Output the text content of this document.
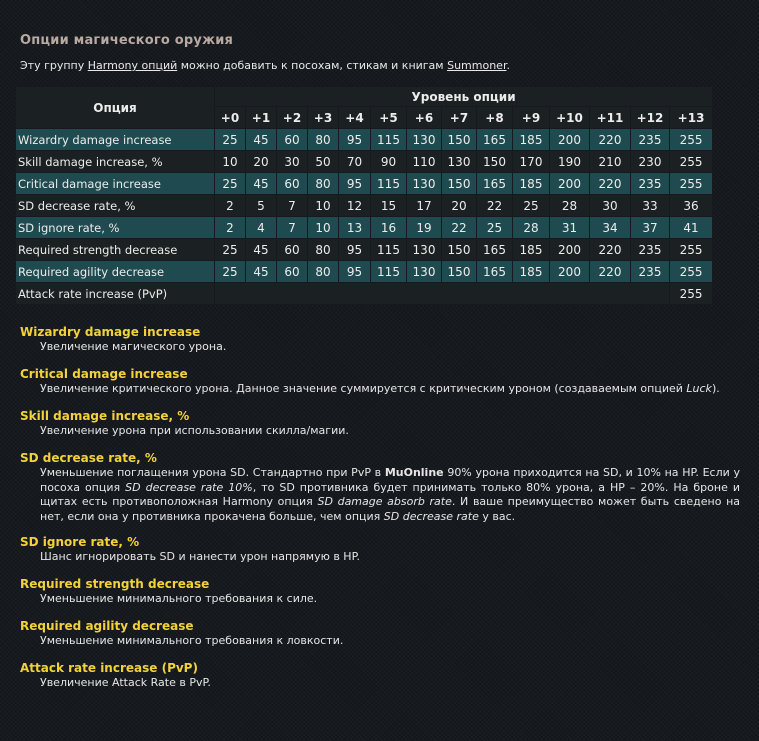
Опции магического оружия
Эту группу Harmony опций можно добавить к посохам, стикам и книгам Summoner.
Опция	Уровень опции													
	+0	+1	+2	+3	+4	+5	+6	+7	+8	+9	+10	+11	+12	+13
Wizardry damage increase	25	45	60	80	95	115	130	150	165	185	200	220	235	255
Skill damage increase, %	10	20	30	50	70	90	110	130	150	170	190	210	230	255
Critical damage increase	25	45	60	80	95	115	130	150	165	185	200	220	235	255
SD decrease rate, %	2	5	7	10	12	15	17	20	22	25	28	30	33	36
SD ignore rate, %	2	4	7	10	13	16	19	22	25	28	31	34	37	41
Required strength decrease	25	45	60	80	95	115	130	150	165	185	200	220	235	255
Required agility decrease	25	45	60	80	95	115	130	150	165	185	200	220	235	255
Attack rate increase (PvP)														255
Wizardry damage increase
Увеличение магического урона.
Critical damage increase
Увеличение критического урона. Данное значение суммируется с критическим уроном (создаваемым опцией Luck).
Skill damage increase, %
Увеличение урона при использовании скилла/магии.
SD decrease rate, %
Уменьшение поглащения урона SD. Стандартно при PvP в MuOnline 90% урона приходится на SD, и 10% на HP. Если у посоха опция SD decrease rate 10%, то SD противника будет принимать только 80% урона, а HP – 20%. На броне и щитах есть противоположная Harmony опция SD damage absorb rate. И ваше преимущество может быть сведено на нет, если она у противника прокачена больше, чем опция SD decrease rate у вас.
SD ignore rate, %
Шанс игнорировать SD и нанести урон напрямую в HP.
Required strength decrease
Уменьшение минимального требования к силе.
Required agility decrease
Уменьшение минимального требования к ловкости.
Attack rate increase (PvP)
Увеличение Attack Rate в PvP.
